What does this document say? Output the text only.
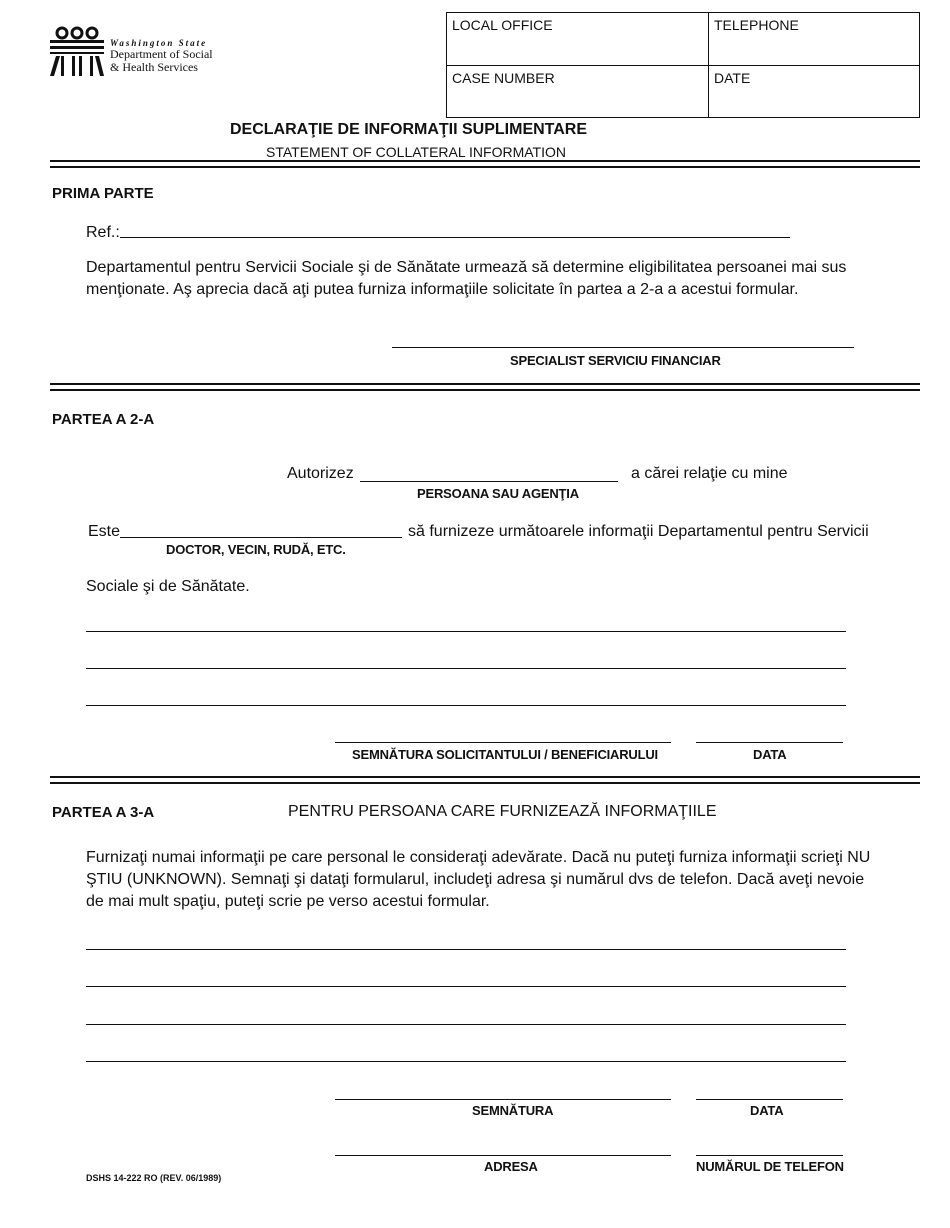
Washington State
Department of Social
& Health Services
LOCAL OFFICE	TELEPHONE
CASE NUMBER	DATE
DECLARAŢIE DE INFORMAŢII SUPLIMENTARE
STATEMENT OF COLLATERAL INFORMATION
PRIMA PARTE
Ref.:
Departamentul pentru Servicii Sociale şi de Sănătate urmează să determine eligibilitatea persoanei mai sus
menţionate. Aş aprecia dacă aţi putea furniza informaţiile solicitate în partea a 2-a a acestui formular.
SPECIALIST SERVICIU FINANCIAR
PARTEA A 2-A
Autorizez	a cărei relaţie cu mine
PERSOANA SAU AGENŢIA
Este	să furnizeze următoarele informaţii Departamentul pentru Servicii
DOCTOR, VECIN, RUDĂ, ETC.
Sociale şi de Sănătate.
SEMNĂTURA SOLICITANTULUI / BENEFICIARULUI	DATA
PARTEA A 3-A	PENTRU PERSOANA CARE FURNIZEAZĂ INFORMAŢIILE
Furnizaţi numai informaţii pe care personal le consideraţi adevărate. Dacă nu puteţi furniza informaţii scrieţi NU
ŞTIU (UNKNOWN). Semnaţi şi dataţi formularul, includeţi adresa şi numărul dvs de telefon. Dacă aveţi nevoie
de mai mult spaţiu, puteţi scrie pe verso acestui formular.
SEMNĂTURA	DATA
ADRESA	NUMĂRUL DE TELEFON
DSHS 14-222 RO (REV. 06/1989)
